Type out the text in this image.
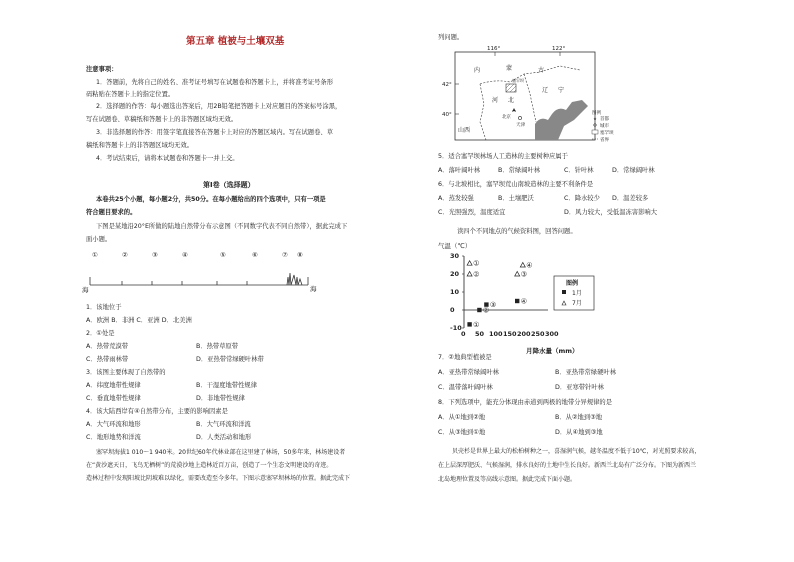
第五章 植被与土壤双基
注意事项：
1．答题前，先将自己的姓名、准考证号填写在试题卷和答题卡上，并将准考证号条形
码粘贴在答题卡上的指定位置。
2．选择题的作答：每小题选出答案后，用2B铅笔把答题卡上对应题目的答案标号涂黑，
写在试题卷、草稿纸和答题卡上的非答题区域均无效。
3．非选择题的作答：用签字笔直接答在答题卡上对应的答题区域内。写在试题卷、草
稿纸和答题卡上的非答题区域均无效。
4．考试结束后，请将本试题卷和答题卡一并上交。
第Ⅰ卷（选择题）
本卷共25个小题，每小题2分，共50分。在每小题给出的四个选项中，只有一项是
符合题目要求的。
下图是某地沿20°E所做的陆地自然带分布示意图（不同数字代表不同自然带），据此完成下
面小题。
①	②	③	④	⑤	⑥	⑦ ⑧
海	海
1．该地位于
A．欧洲 B．非洲 C．亚洲 D．北美洲
2．①处是
A．热带荒漠带	B．热带草原带
C．热带雨林带	D．亚热带常绿硬叶林带
3．该图主要体现了自然带的
A．纬度地带性规律	B．干湿度地带性规律
C．垂直地带性规律	D．非地带性规律
4．该大陆西岸有④自然带分布，主要的影响因素是
A．大气环流和地形	B．大气环流和洋流
C．地形地势和洋流	D．人类活动和地形
塞罕坝海拔1 010～1 940米。20世纪60年代林业部在这里建了林场，50多年来，林场建设者
在“黄沙遮天日，飞鸟无栖树”的荒漠沙地上造林近百万亩，创造了一个生态文明建设的奇迹。
造林过程中发现阳坡比阴坡难以绿化，需要改造至今多年。下图示意塞罕坝林场的位置。据此完成下
列问题。
116°	122°
42°
40°
内	蒙	古
辽 宁
河 北
北京
天津
山西
塞罕坝
图例
首都
城市
塞罕坝
省界
5．适合塞罕坝林场人工造林的主要树种应属于
A．落叶阔叶林	B．常绿阔叶林	C．针叶林	D．常绿阔叶林
6．与北坡相比，塞罕坝荒山南坡造林的主要不利条件是
A．蒸发较强	B．土壤肥沃	C．降水较少 D．温差较多
C．光照强烈，温度适宜	D．风力较大，受低温冻害影响大
读四个不同地点的气候资料图，回答问题。
气温（℃）
月降水量（mm）
0 50 100 150 200 250 300
30
20
10
0
-10 ①
②
③	④
①
②	③
④
图例
1月
7月
7．②地典型植被是
A．亚热带常绿阔叶林	B．亚热带常绿硬叶林
C．温带落叶阔叶林	D．亚寒带针叶林
8．下列选项中，能充分体现由赤道到两极的地带分异规律的是
A．从①地到②地	B．从②地到③地
C．从③地到①地	D．从④地到③地
贝壳杉是世界上最大的松柏树种之一，喜湿润气候，越冬温度不低于10℃，对光照要求较高，
在上层深厚肥沃、气候湿润，排水良好的土地中生长良好。新西兰北岛有广泛分布。下图为新西兰
北岛地理位置及等高线示意图。据此完成下面小题。
